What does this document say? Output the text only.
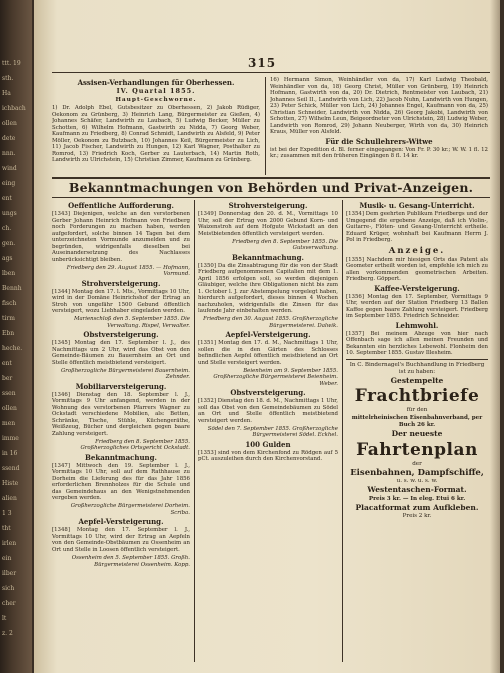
ttt. 19
sth.
Ha
ichbach
ollen
dete
nnn.
wind
eing
ent
ungs
ch.
gen.
ags
lben
Bennh
fisch
tirm
Ebn
heche.
ent
ber
ssen
ollen
men
imme
in 16
ssend
Histe
alien
1 3
tht
irlen
ein
ilber
sich
cher
lt
z. 2
315
Assisen-Verhandlungen für Oberhessen.
IV. Quartal 1855.
Haupt-Geschworne.

1) Dr. Adolph Ebel, Gutsbesitzer zu Oberhessen, 2) Jakob Rüdiger, Oekonom zu Grünberg, 3) Heinrich Lang, Bürgermeister zu Gießen, 4) Johannes Schäfer, Landwirth zu Laubach, 5) Ludwig Becker, Müller zu Schotten, 6) Wilhelm Hofmann, Gastwirth zu Nidda, 7) Georg Weber, Kaufmann zu Friedberg, 8) Conrad Schmidt, Landwirth zu Alsfeld, 9) Peter Möller, Oekonom zu Butzbach, 10) Johannes Keil, Bürgermeister zu Lich, 11) Jacob Fischer, Landwirth zu Hungen, 12) Karl Wagner, Posthalter zu Romrod, 13) Friedrich Koch, Gerber zu Lauterbach, 14) Martin Roth, Landwirth zu Ulrichstein, 15) Christian Zimmer, Kaufmann zu Grünberg.

16) Hermann Simon, Weinhändler von da, 17) Karl Ludwig Theobald, Weinhändler von da, 18) Georg Christ, Müller von Grünberg, 19) Heinrich Hofmann, Gastwirth von da, 20) Dr. Dietrich, Rentmeister von Laubach, 21) Johannes Seil II., Landwirth von Lich, 22) Jacob Nuhn, Landwirth von Hungen, 23) Peter Schick, Müller von Lich, 24) Johannes Engel, Kaufmann von da, 25) Christian Schneider, Landwirth von Nidda, 26) Georg Jakobi, Landwirth von Schotten, 27) Wilhelm Leun, Beigeordneter von Ulrichstein, 28) Ludwig Weber, Landwirth von Romrod, 29) Johann Neuberger, Wirth von da, 30) Heinrich Kraus, Müller von Alsfeld.

Für die Schullehrers-Witwe

ist bei der Expedition d. Bl. ferner eingegangen: Von Fr. P. 30 kr.; W. W. 1 fl. 12 kr.; zusammen mit den früheren Eingängen 8 fl. 14 kr.

Bekanntmachungen von Behörden und Privat-Anzeigen.
Oeffentliche Aufforderung.

[1343] Diejenigen, welche an den verstorbenen Gerber Johann Heinrich Hofmann von Friedberg noch Forderungen zu machen haben, werden aufgefordert, solche binnen 14 Tagen bei dem unterzeichneten Vormunde anzumelden und zu begründen, widrigenfalls dieselben bei Auseinandersetzung des Nachlasses unberücksichtigt bleiben.

Friedberg den 29. August 1855. — Hofmann, Vormund.
Strohversteigerung.

[1344] Montag den 17. l. Mts., Vormittags 10 Uhr, wird in der Domäne Heinrichshof der Ertrag an Stroh von ungefähr 1500 Gebund öffentlich versteigert, wozu Liebhaber eingeladen werden.

Marienschloß den 5. September 1855. Die Verwaltung. Rispel, Verwalter.
Obstversteigerung.

[1345] Montag den 17. September l. J., des Nachmittags um 2 Uhr, wird das Obst von den Gemeinde-Bäumen zu Bauernheim an Ort und Stelle öffentlich meistbietend versteigert.

Großherzogliche Bürgermeisterei Bauernheim. Zehnder.
Mobiliarversteigerung.

[1346] Dienstag den 18. September l. J., Vormittags 9 Uhr anfangend, werden in der Wohnung des verstorbenen Pfarrers Wagner zu Ockstadt verschiedene Mobilien, als: Betten, Schränke, Tische, Stühle, Küchengeräthe, Weißzeug, Bücher und dergleichen gegen baare Zahlung versteigert.

Friedberg den 8. September 1855. Großherzogliches Ortsgericht Ockstadt.
Bekanntmachung.

[1347] Mittwoch den 19. September l. J., Vormittags 10 Uhr, soll auf dem Rathhause zu Dorheim die Lieferung des für das Jahr 1856 erforderlichen Brennholzes für die Schule und das Gemeindehaus an den Wenigstnehmenden vergeben werden.

Großherzogliche Bürgermeisterei Dorheim. Scriba.
Aepfel-Versteigerung.

[1348] Montag den 17. September l. J., Vormittags 10 Uhr, wird der Ertrag an Aepfeln von den Gemeinde-Obstbäumen zu Ossenheim an Ort und Stelle in Loosen öffentlich versteigert.

Ossenheim den 5. September 1855. Großh. Bürgermeisterei Ossenheim. Kopp.
Strohversteigerung.

[1349] Donnerstag den 20. d. M., Vormittags 10 Uhr, soll der Ertrag von 2000 Gebund Korn- und Waizenstroh auf dem Hofgute Wickstadt an den Meistbietenden öffentlich versteigert werden.

Friedberg den 8. September 1855. Die Gutsverwaltung.
Bekanntmachung.

[1350] Da die Zinsabtragung für die von der Stadt Friedberg aufgenommenen Capitalien mit dem 1. April 1856 erfolgen soll, so werden diejenigen Gläubiger, welche ihre Obligationen nicht bis zum 1. October l. J. zur Abstempelung vorgelegt haben, hierdurch aufgefordert, dieses binnen 4 Wochen nachzuholen, widrigenfalls die Zinsen für das laufende Jahr einbehalten werden.

Friedberg den 30. August 1855. Großherzogliche Bürgermeisterei. Dalwik.
Aepfel-Versteigerung.

[1351] Montag den 17. d. M., Nachmittags 1 Uhr, sollen die in den Gärten des Schlosses befindlichen Aepfel öffentlich meistbietend an Ort und Stelle versteigert werden.

Beienheim am 9. September 1855. Großherzogliche Bürgermeisterei Beienheim. Weber.
Obstversteigerung.

[1352] Dienstag den 18. d. M., Nachmittags 1 Uhr, soll das Obst von den Gemeindebäumen zu Södel an Ort und Stelle öffentlich meistbietend versteigert werden.

Södel den 7. September 1855. Großherzogliche Bürgermeisterei Södel. Eckhel.
100 Gulden

[1353] sind von dem Kirchenfond zu Rödgen auf 5 pCt. auszuleihen durch den Kirchenvorstand.

Musik- u. Gesang-Unterricht.

[1354] Dem geehrten Publikum Friedbergs und der Umgegend die ergebene Anzeige, daß ich Violin-, Guitarre-, Flöten- und Gesang-Unterricht ertheile. Eduard Krüger, wohnhaft bei Kaufmann Herrn J. Pol in Friedberg.

Anzeige.

[1355] Nachdem mir hiesigen Orts das Patent als Geometer ertheilt worden ist, empfehle ich mich zu allen vorkommenden geometrischen Arbeiten. Friedberg. Göppert.

Kaffee-Versteigerung.

[1356] Montag den 17. September, Vormittags 9 Uhr, werden auf der Station Friedberg 13 Ballen Kaffee gegen baare Zahlung versteigert. Friedberg im September 1855. Friedrich Schneider.

Lehmwohl.

[1357] Bei meinem Abzuge von hier nach Offenbach sage ich allen meinen Freunden und Bekannten ein herzliches Lebewohl. Flonheim den 10. September 1855. Gustav Illesheim.

In C. Bindernagel's Buchhandlung in Friedberg ist zu haben:
Gestempelte
Frachtbriefe
für den
mittelrheinischen Eisenbahnverband, per Buch 26 kr.
Der neueste
Fahrtenplan
der
Eisenbahnen, Dampfschiffe,
u. s. w. u. s. w.
Westentaschen-Format.
Preis 3 kr. — In eleg. Etui 6 kr.
Placatformat zum Aufkleben.
Preis 2 kr.
